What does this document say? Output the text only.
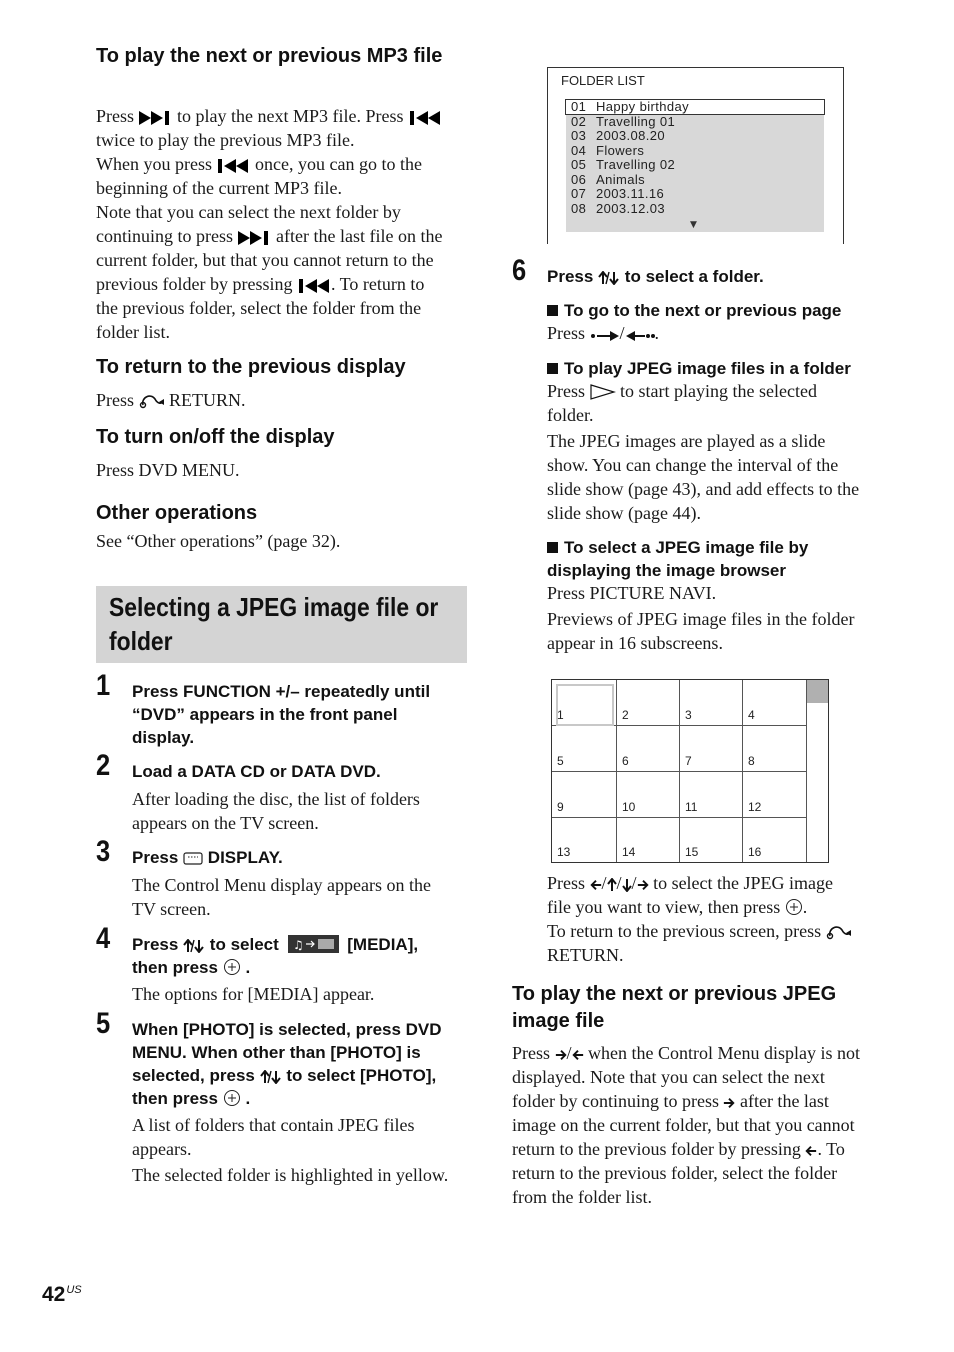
To play the next or previous MP3 file
Press to play the next MP3 file. Press
twice to play the previous MP3 file.
When you press once, you can go to the
beginning of the current MP3 file.
Note that you can select the next folder by
continuing to press after the last file on the
current folder, but that you cannot return to the
previous folder by pressing . To return to
the previous folder, select the folder from the
folder list.
To return to the previous display
Press RETURN.
To turn on/off the display
Press DVD MENU.
Other operations
See “Other operations” (page 32).
Selecting a JPEG image file or
folder
1 Press FUNCTION +/– repeatedly until
“DVD” appears in the front panel
display.
2 Load a DATA CD or DATA DVD.
After loading the disc, the list of folders
appears on the TV screen.
3 Press DISPLAY.
The Control Menu display appears on the
TV screen.
4 Press to select ♫	[MEDIA],
then press  .
The options for [MEDIA] appear.
5 When [PHOTO] is selected, press DVD
MENU. When other than [PHOTO] is
selected, press to select [PHOTO],
then press  .
A list of folders that contain JPEG files
appears.
The selected folder is highlighted in yellow.
FOLDER LIST
01 Happy birthday
02 Travelling 01
03 2003.08.20
04 Flowers
05 Travelling 02
06 Animals
07 2003.11.16
08 2003.12.03
▼
6 Press to select a folder.
To go to the next or previous page
Press / .
To play JPEG image files in a folder
Press to start playing the selected
folder.
The JPEG images are played as a slide
show. You can change the interval of the
slide show (page 43), and add effects to the
slide show (page 44).
To select a JPEG image file by
displaying the image browser
Press PICTURE NAVI.
Previews of JPEG image files in the folder
appear in 16 subscreens.
1	2	3	4
5	6	7	8
9	10	11	12
13	14	15	16
Press / / / to select the JPEG image
file you want to view, then press .
To return to the previous screen, press
RETURN.
To play the next or previous JPEG
image file
Press / when the Control Menu display is not
displayed. Note that you can select the next
folder by continuing to press after the last
image on the current folder, but that you cannot
return to the previous folder by pressing . To
return to the previous folder, select the folder
from the folder list.
$42^{US}$
